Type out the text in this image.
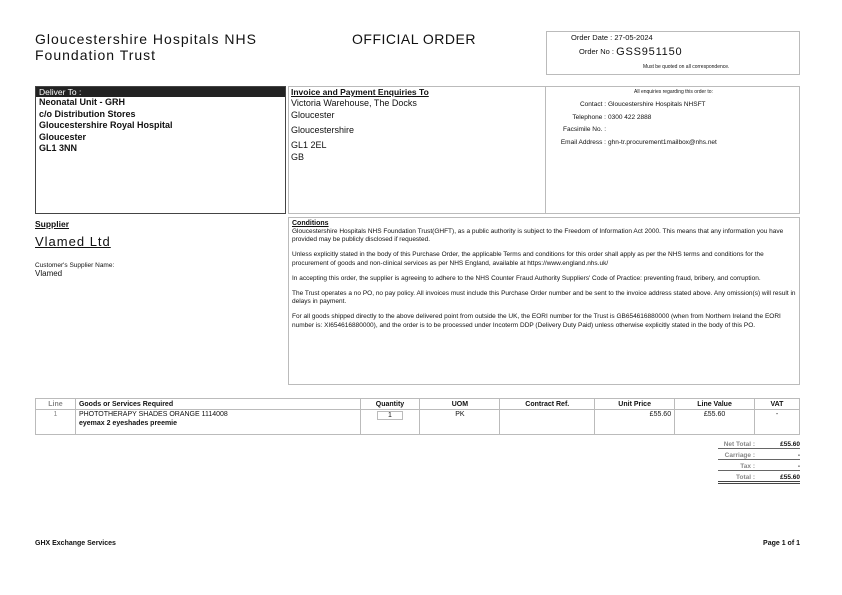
Gloucestershire Hospitals NHS
Foundation Trust
OFFICIAL ORDER	Order Date : 27-05-2024
Order No : GSS951150
Must be quoted on all correspondence.
Deliver To :
Neonatal Unit - GRH
c/o Distribution Stores
Gloucestershire Royal Hospital
Gloucester
GL1 3NN
Invoice and Payment Enquiries To
Victoria Warehouse, The Docks
Gloucester
Gloucestershire
GL1 2EL
GB
All enquiries regarding this order to:
Contact : Gloucestershire Hospitals NHSFT
Telephone : 0300 422 2888
Facsimile No. :
Email Address : ghn-tr.procurement1mailbox@nhs.net
Supplier
Vlamed Ltd
Customer's Supplier Name:
Vlamed
Conditions

Gloucestershire Hospitals NHS Foundation Trust(GHFT), as a public authority is subject to the Freedom of Information Act 2000. This means that any information you have provided may be publicly disclosed if requested.

Unless explicitly stated in the body of this Purchase Order, the applicable Terms and conditions for this order shall apply as per the NHS terms and conditions for the procurement of goods and non-clinical services as per NHS England, available at https://www.england.nhs.uk/

In accepting this order, the supplier is agreeing to adhere to the NHS Counter Fraud Authority Suppliers' Code of Practice: preventing fraud, bribery, and corruption.

The Trust operates a no PO, no pay policy. All invoices must include this Purchase Order number and be sent to the invoice address stated above. Any omission(s) will result in delays in payment.

For all goods shipped directly to the above delivered point from outside the UK, the EORI number for the Trust is GB654616880000 (when from Northern Ireland the EORI number is: XI654616880000), and the order is to be processed under Incoterm DDP (Delivery Duty Paid) unless otherwise explicitly stated in the body of this PO.

Line	Goods or Services Required	Quantity	UOM	Contract Ref.	Unit Price	Line Value	VAT
1	PHOTOTHERAPY SHADES ORANGE 1114008
eyemax 2 eyeshades preemie	1	PK		£55.60	£55.60	-
Net Total :	£55.60
Carriage :	-
Tax :	-
Total :	£55.60
GHX Exchange Services	Page 1 of 1
